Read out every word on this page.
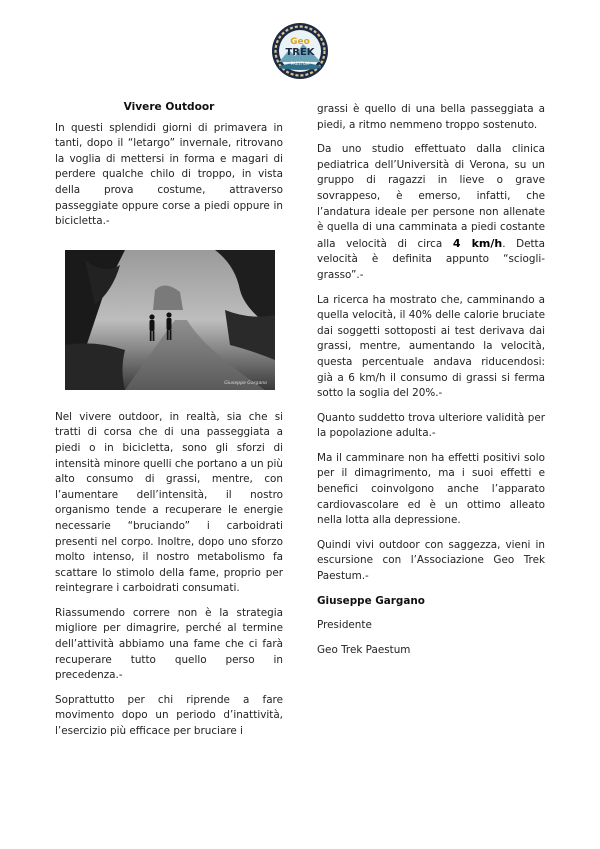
Geo
TREK
PAESTUM
Vivere Outdoor

In questi splendidi giorni di primavera in tanti, dopo il “letargo” invernale, ritrovano la voglia di mettersi in forma e magari di perdere qualche chilo di troppo, in vista della prova costume, attraverso passeggiate oppure corse a piedi oppure in bicicletta.-

Giuseppe Gargano

Nel vivere outdoor, in realtà, sia che si tratti di corsa che di una passeggiata a piedi o in bicicletta, sono gli sforzi di intensità minore quelli che portano a un più alto consumo di grassi, mentre, con l’aumentare dell’intensità, il nostro organismo tende a recuperare le energie necessarie “bruciando” i carboidrati presenti nel corpo. Inoltre, dopo uno sforzo molto intenso, il nostro metabolismo fa scattare lo stimolo della fame, proprio per reintegrare i carboidrati consumati.

Riassumendo correre non è la strategia migliore per dimagrire, perché al termine dell’attività abbiamo una fame che ci farà recuperare tutto quello perso in precedenza.-

Soprattutto per chi riprende a fare movimento dopo un periodo d’inattività, l’esercizio più efficace per bruciare i

grassi è quello di una bella passeggiata a piedi, a ritmo nemmeno troppo sostenuto.

Da uno studio effettuato dalla clinica pediatrica dell’Università di Verona, su un gruppo di ragazzi in lieve o grave sovrappeso, è emerso, infatti, che l’andatura ideale per persone non allenate è quella di una camminata a piedi costante alla velocità di circa 4 km/h. Detta velocità è definita appunto “sciogli-grasso”.-

La ricerca ha mostrato che, camminando a quella velocità, il 40% delle calorie bruciate dai soggetti sottoposti ai test derivava dai grassi, mentre, aumentando la velocità, questa percentuale andava riducendosi: già a 6 km/h il consumo di grassi si ferma sotto la soglia del 20%.-

Quanto suddetto trova ulteriore validità per la popolazione adulta.-

Ma il camminare non ha effetti positivi solo per il dimagrimento, ma i suoi effetti e benefici coinvolgono anche l’apparato cardiovascolare ed è un ottimo alleato nella lotta alla depressione.

Quindi vivi outdoor con saggezza, vieni in escursione con l’Associazione Geo Trek Paestum.-

Giuseppe Gargano

Presidente

Geo Trek Paestum
